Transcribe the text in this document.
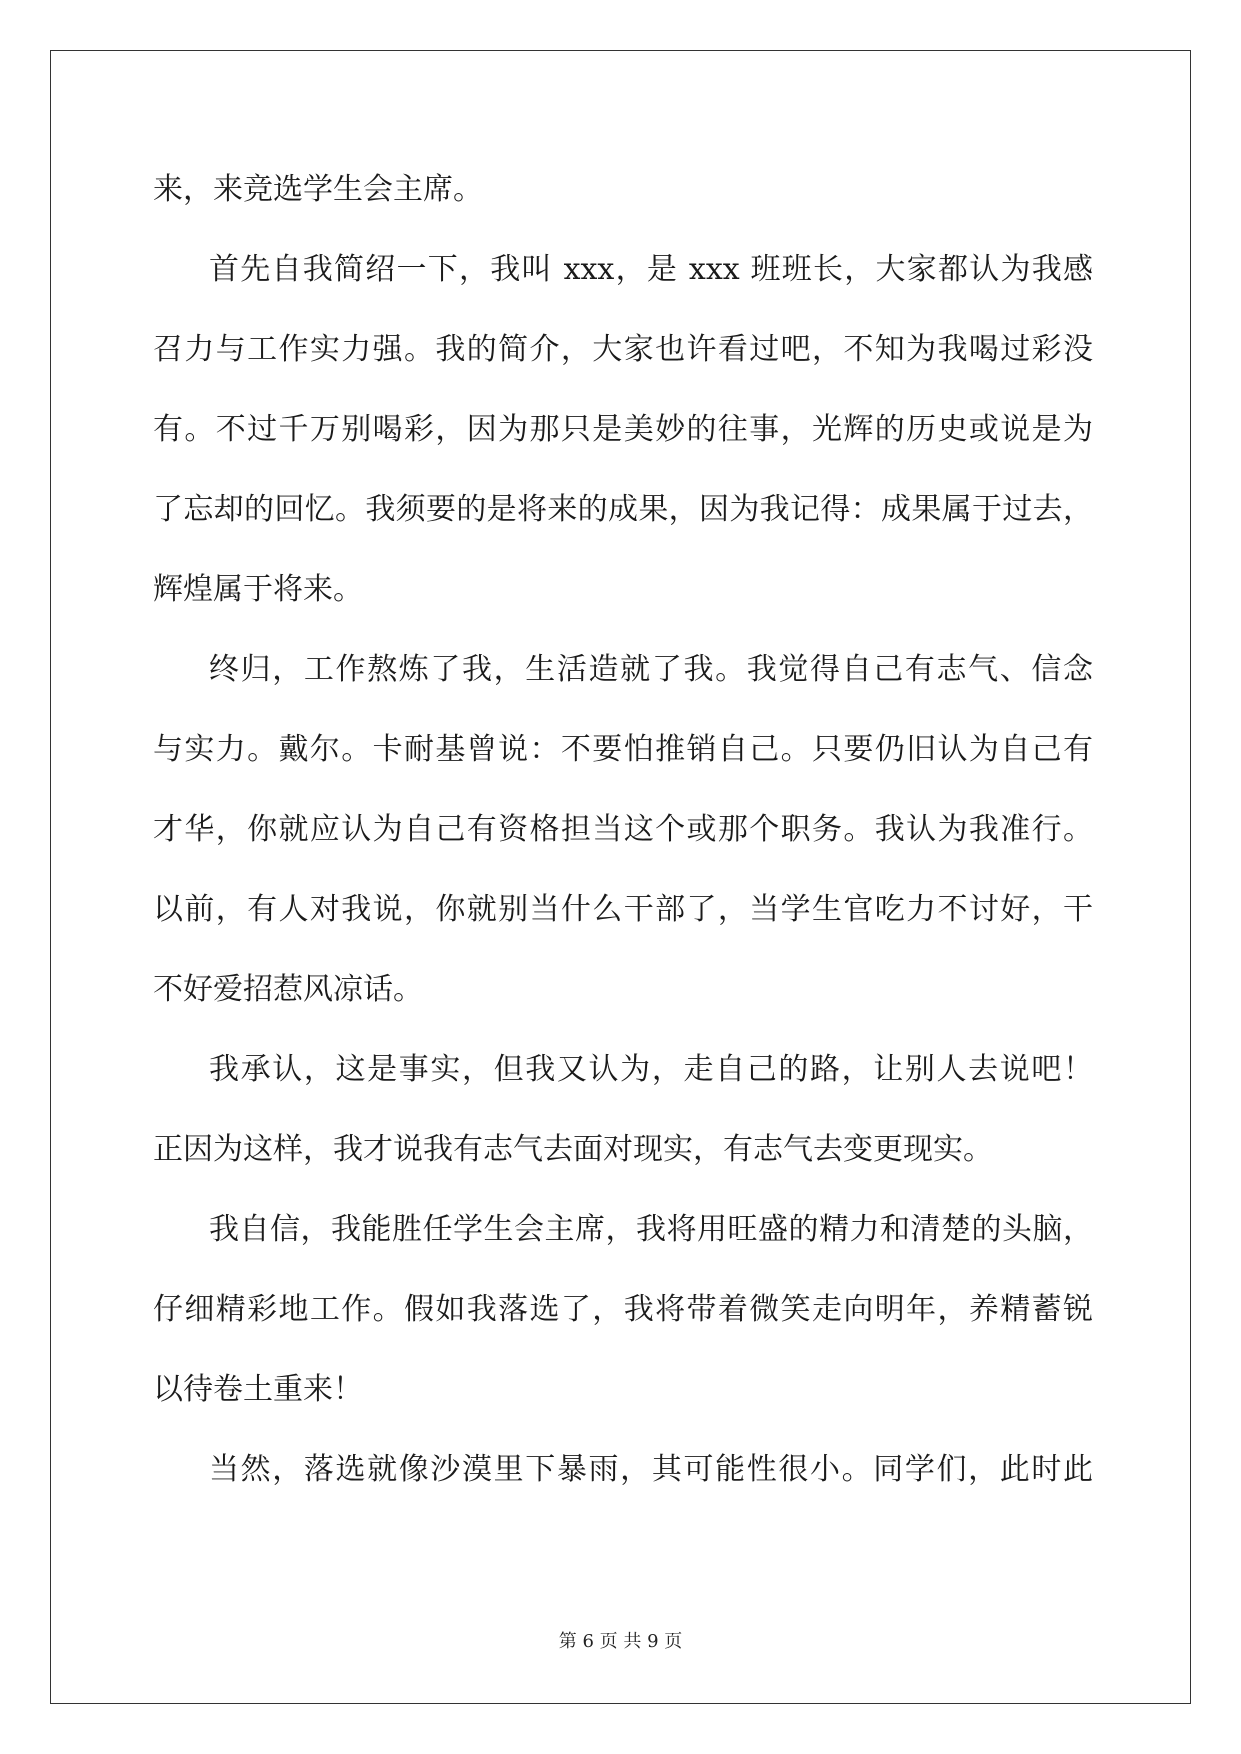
来，来竞选学生会主席。
首先自我简绍一下，我叫 xxx，是 xxx 班班长，大家都认为我感
召力与工作实力强。我的简介，大家也许看过吧，不知为我喝过彩没
有。不过千万别喝彩，因为那只是美妙的往事，光辉的历史或说是为
了忘却的回忆。我须要的是将来的成果，因为我记得：成果属于过去，
辉煌属于将来。
终归，工作熬炼了我，生活造就了我。我觉得自己有志气、信念
与实力。戴尔。卡耐基曾说：不要怕推销自己。只要仍旧认为自己有
才华，你就应认为自己有资格担当这个或那个职务。我认为我准行。
以前，有人对我说，你就别当什么干部了，当学生官吃力不讨好，干
不好爱招惹风凉话。
我承认，这是事实，但我又认为，走自己的路，让别人去说吧！
正因为这样，我才说我有志气去面对现实，有志气去变更现实。
我自信，我能胜任学生会主席，我将用旺盛的精力和清楚的头脑，
仔细精彩地工作。假如我落选了，我将带着微笑走向明年，养精蓄锐
以待卷土重来！
当然，落选就像沙漠里下暴雨，其可能性很小。同学们，此时此
第 6 页 共 9 页
